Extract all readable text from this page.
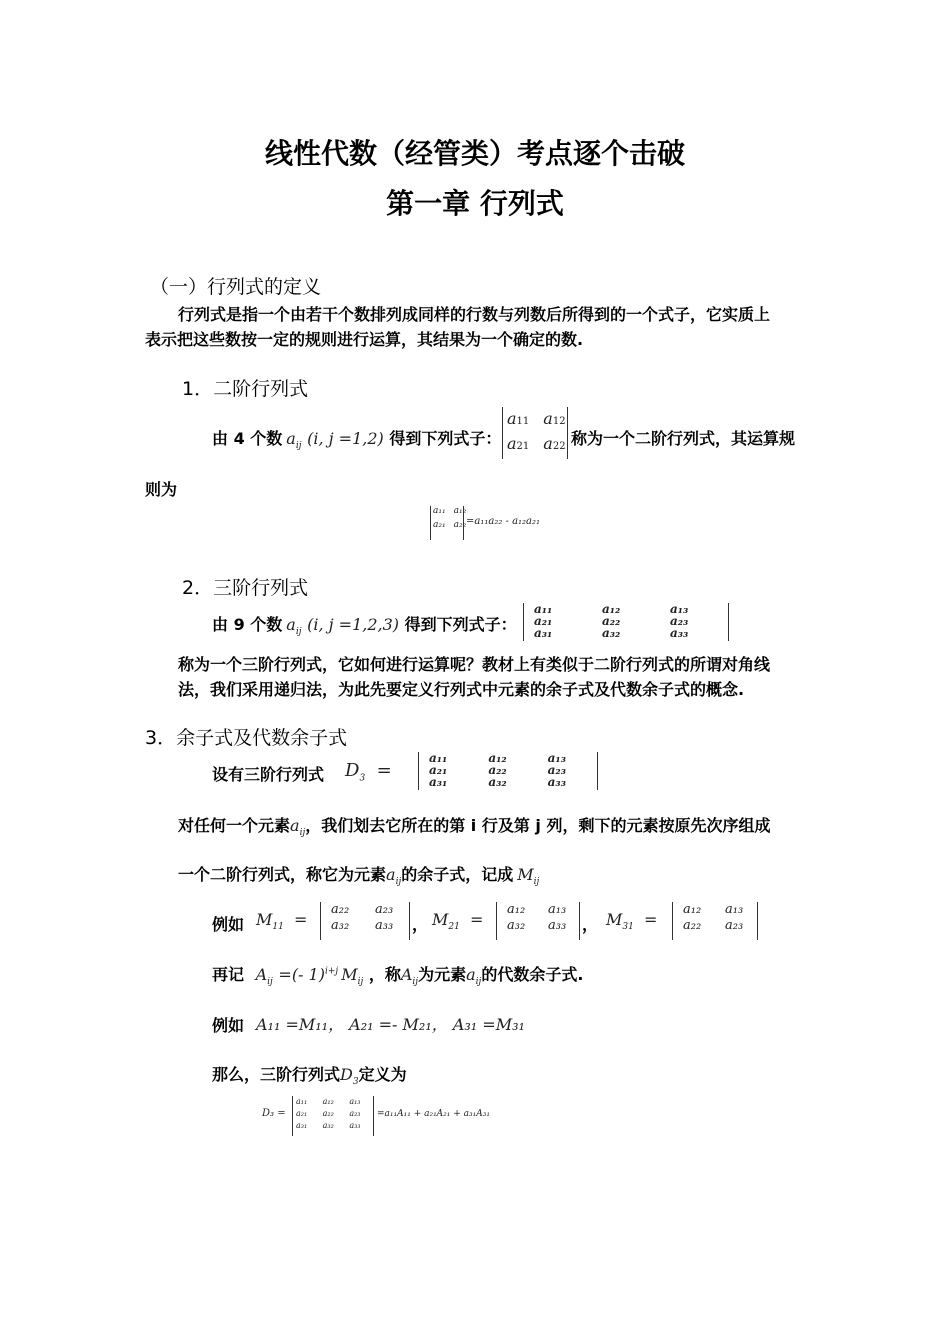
线性代数（经管类）考点逐个击破
第一章 行列式
（一）行列式的定义
行列式是指一个由若干个数排列成同样的行数与列数后所得到的一个式子，它实质上
表示把这些数按一定的规则进行运算，其结果为一个确定的数.
1．二阶行列式
由 4 个数 $a_{ij}$ (i, j =1,2) 得到下列式子：
a11	a12
a21	a22 称为一个二阶行列式，其运算规
则为
a₁₁	a₁₂
a₂₁	a₂₂ =a₁₁a₂₂ - a₁₂a₂₁
2．三阶行列式
由 9 个数 $a_{ij}$ (i, j =1,2,3) 得到下列式子：
a₁₁	a₁₂	a₁₃
a₂₁	a₂₂	a₂₃
a₃₁	a₃₂	a₃₃
称为一个三阶行列式，它如何进行运算呢？教材上有类似于二阶行列式的所谓对角线
法，我们采用递归法，为此先要定义行列式中元素的余子式及代数余子式的概念.
3．余子式及代数余子式
设有三阶行列式 $D_3$  =
a₁₁	a₁₂	a₁₃
a₂₁	a₂₂	a₂₃
a₃₁	a₃₂	a₃₃
对任何一个元素$a_{ij}$，我们划去它所在的第 i 行及第 j 列，剩下的元素按原先次序组成
一个二阶行列式，称它为元素$a_{ij}$的余子式，记成 $M_{ij}$
例如 $M_{11}$  =
a₂₂	a₂₃
a₃₂	a₃₃ ， $M_{21}$  =
a₁₂	a₁₃
a₃₂	a₃₃ ， $M_{31}$  =
a₁₂	a₁₃
a₂₂	a₂₃
再记 $A_{ij}$ =(- 1)$^{i+j}$ $M_{ij}$ ，称$A_{ij}$为元素$a_{ij}$的代数余子式.
例如 A₁₁ =M₁₁， A₂₁ =- M₂₁， A₃₁ =M₃₁
那么，三阶行列式$D_3$定义为
D₃ =
a₁₁	a₁₂	a₁₃
a₂₁	a₂₂	a₂₃
a₃₁	a₃₂	a₃₃
=a₁₁A₁₁ + a₂₁A₂₁ + a₃₁A₃₁
